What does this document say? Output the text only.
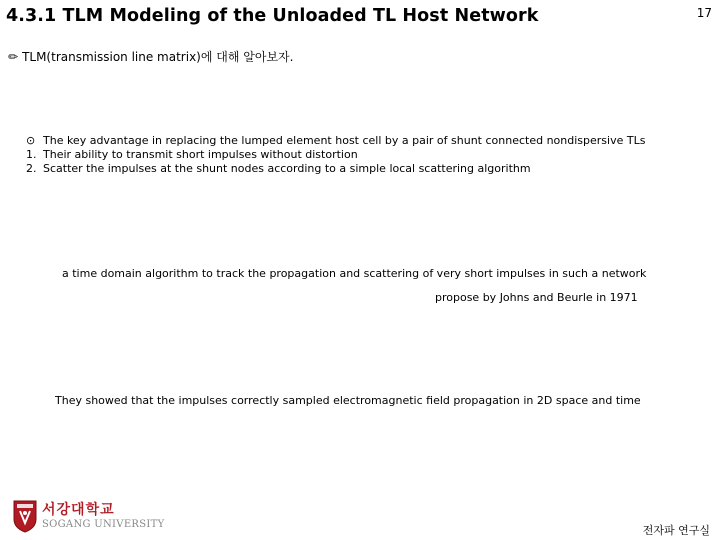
4.3.1 TLM Modeling of the Unloaded TL Host Network	17
✏ TLM(transmission line matrix)에 대해 알아보자.
⊙ The key advantage in replacing the lumped element host cell by a pair of shunt connected nondispersive TLs
1. Their ability to transmit short impulses without distortion
2. Scatter the impulses at the shunt nodes according to a simple local scattering algorithm
a time domain algorithm to track the propagation and scattering of very short impulses in such a network
propose by Johns and Beurle in 1971
They showed that the impulses correctly sampled electromagnetic field propagation in 2D space and time
서강대학교
SOGANG UNIVERSITY	전자파 연구실
